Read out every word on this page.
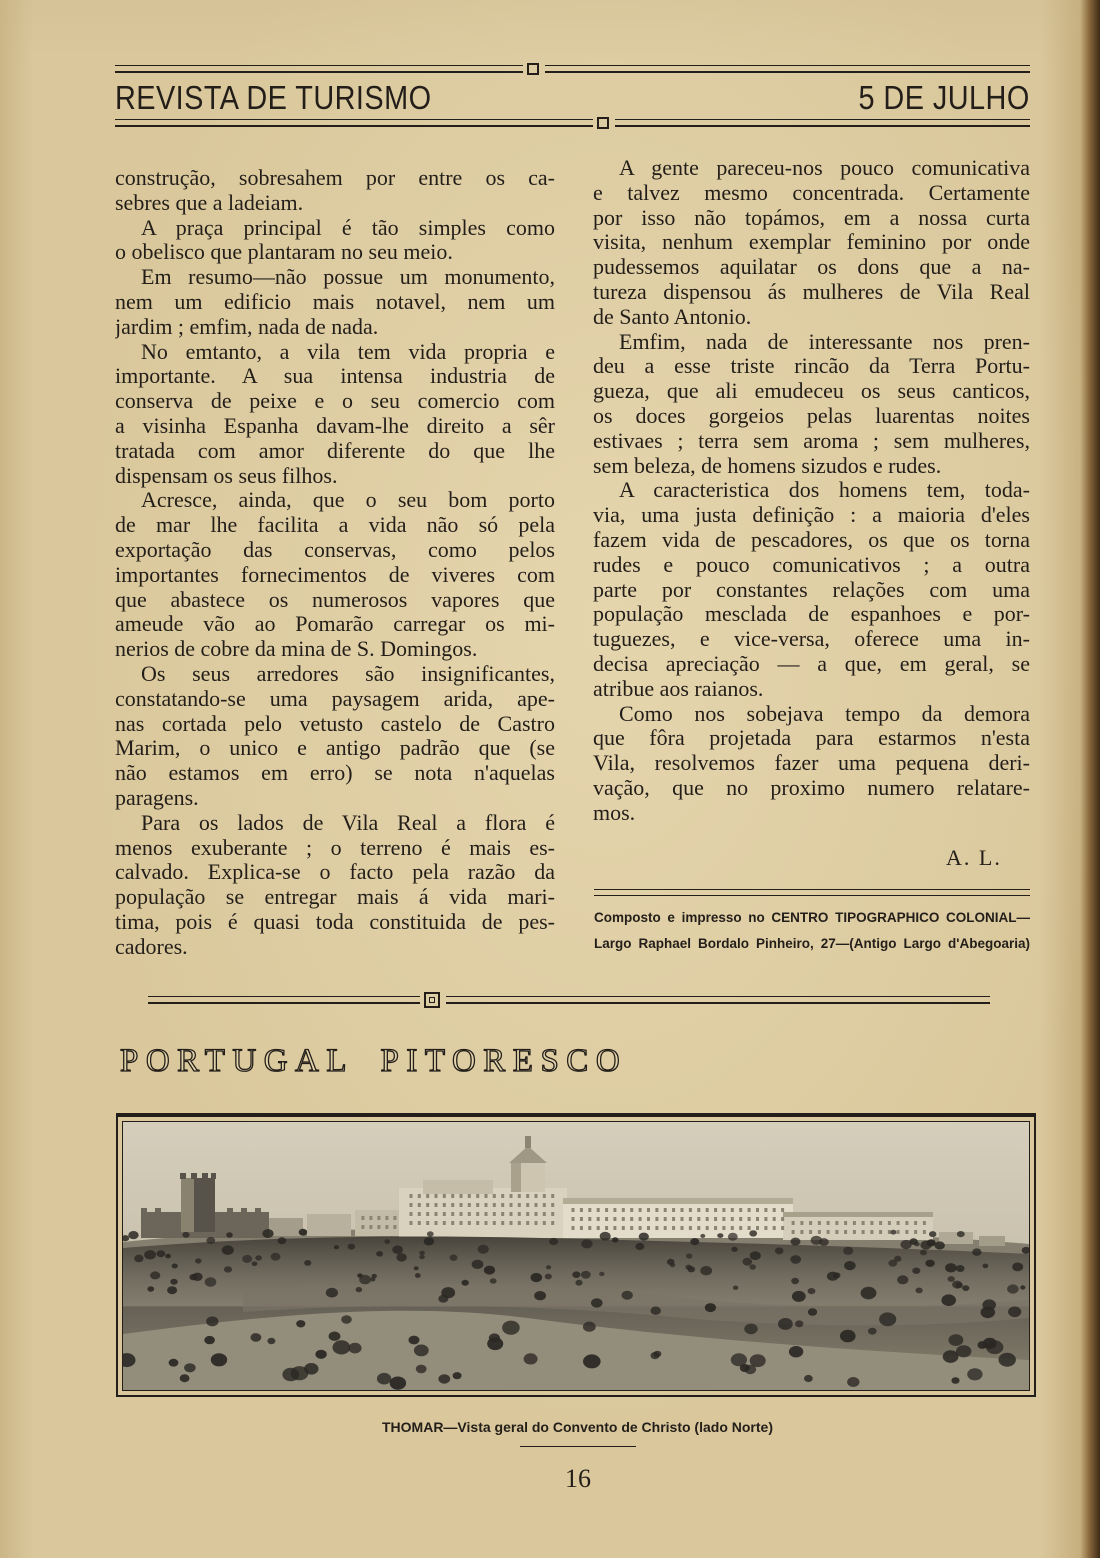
REVISTA DE TURISMO	5 DE JULHO
construção, sobresahem por entre os ca-
sebres que a ladeiam.
A praça principal é tão simples como
o obelisco que plantaram no seu meio.
Em resumo—não possue um monumento,
nem um edificio mais notavel, nem um
jardim ; emfim, nada de nada.
No emtanto, a vila tem vida propria e
importante. A sua intensa industria de
conserva de peixe e o seu comercio com
a visinha Espanha davam-lhe direito a sêr
tratada com amor diferente do que lhe
dispensam os seus filhos.
Acresce, ainda, que o seu bom porto
de mar lhe facilita a vida não só pela
exportação das conservas, como pelos
importantes fornecimentos de viveres com
que abastece os numerosos vapores que
ameude vão ao Pomarão carregar os mi-
nerios de cobre da mina de S. Domingos.
Os seus arredores são insignificantes,
constatando-se uma paysagem arida, ape-
nas cortada pelo vetusto castelo de Castro
Marim, o unico e antigo padrão que (se
não estamos em erro) se nota n'aquelas
paragens.
Para os lados de Vila Real a flora é
menos exuberante ; o terreno é mais es-
calvado. Explica-se o facto pela razão da
população se entregar mais á vida mari-
tima, pois é quasi toda constituida de pes-
cadores.
A gente pareceu-nos pouco comunicativa
e talvez mesmo concentrada. Certamente
por isso não topámos, em a nossa curta
visita, nenhum exemplar feminino por onde
pudessemos aquilatar os dons que a na-
tureza dispensou ás mulheres de Vila Real
de Santo Antonio.
Emfim, nada de interessante nos pren-
deu a esse triste rincão da Terra Portu-
gueza, que ali emudeceu os seus canticos,
os doces gorgeios pelas luarentas noites
estivaes ; terra sem aroma ; sem mulheres,
sem beleza, de homens sizudos e rudes.
A caracteristica dos homens tem, toda-
via, uma justa definição : a maioria d'eles
fazem vida de pescadores, os que os torna
rudes e pouco comunicativos ; a outra
parte por constantes relações com uma
população mesclada de espanhoes e por-
tuguezes, e vice-versa, oferece uma in-
decisa apreciação — a que, em geral, se
atribue aos raianos.
Como nos sobejava tempo da demora
que fôra projetada para estarmos n'esta
Vila, resolvemos fazer uma pequena deri-
vação, que no proximo numero relatare-
mos.
A. L.
Composto e impresso no CENTRO TIPOGRAPHICO COLONIAL—
Largo Raphael Bordalo Pinheiro, 27—(Antigo Largo d'Abegoaria)
PORTUGAL PITORESCO
THOMAR—Vista geral do Convento de Christo (lado Norte)
16
